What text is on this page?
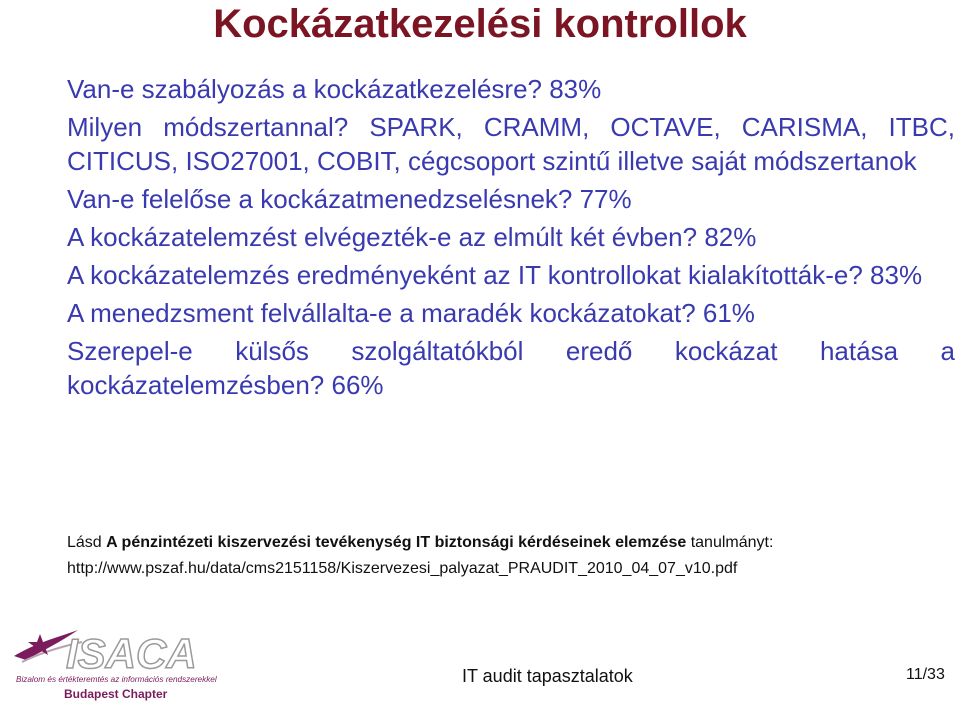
Kockázatkezelési kontrollok
Van-e szabályozás a kockázatkezelésre? 83%
Milyen módszertannal? SPARK, CRAMM, OCTAVE, CARISMA, ITBC, CITICUS, ISO27001, COBIT, cégcsoport szintű illetve saját módszertanok
Van-e felelőse a kockázatmenedzselésnek? 77%
A kockázatelemzést elvégezték-e az elmúlt két évben? 82%
A kockázatelemzés eredményeként az IT kontrollokat kialakították-e? 83%
A menedzsment felvállalta-e a maradék kockázatokat? 61%
Szerepel-e külsős szolgáltatókból eredő kockázat hatása a kockázatelemzésben? 66%
Lásd A pénzintézeti kiszervezési tevékenység IT biztonsági kérdéseinek elemzése tanulmányt:
http://www.pszaf.hu/data/cms2151158/Kiszervezesi_palyazat_PRAUDIT_2010_04_07_v10.pdf
ISACA
Bizalom és értékteremtés az információs rendszerekkel
Budapest Chapter
IT audit tapasztalatok	11/33
